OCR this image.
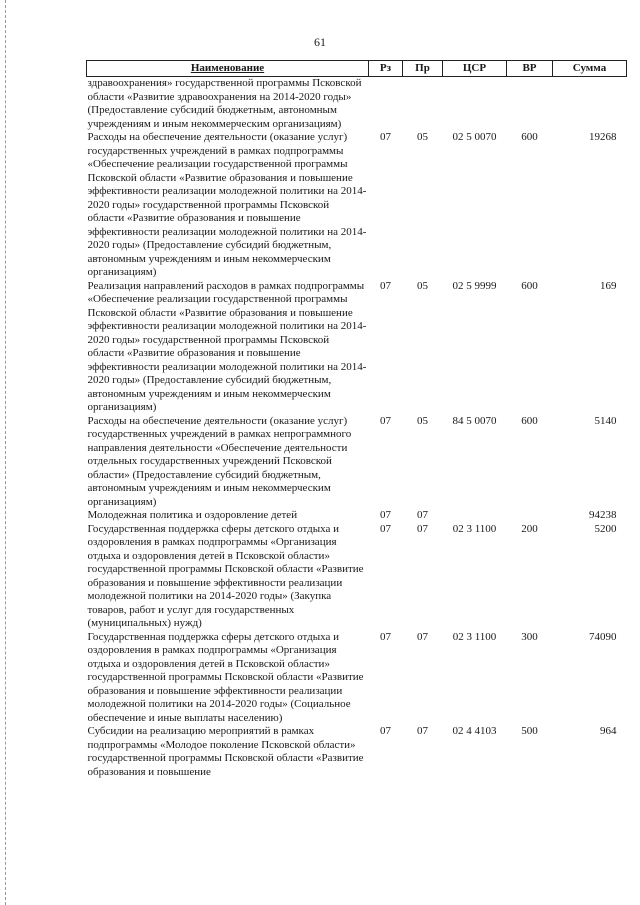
61
Наименование	Рз	Пр	ЦСР	ВР	Сумма
здравоохранения» государственной программы Псковской области «Развитие здравоохранения на 2014-2020 годы» (Предоставление субсидий бюджетным, автономным учреждениям и иным некоммерческим организациям)					
Расходы на обеспечение деятельности (оказание услуг) государственных учреждений в рамках подпрограммы «Обеспечение реализации государственной программы Псковской области «Развитие образования и повышение эффективности реализации молодежной политики на 2014-2020 годы» государственной программы Псковской области «Развитие образования и повышение эффективности реализации молодежной политики на 2014-2020 годы» (Предоставление субсидий бюджетным, автономным учреждениям и иным некоммерческим организациям)	07	05	02 5 0070	600	19268
Реализация направлений расходов в рамках подпрограммы «Обеспечение реализации государственной программы Псковской области «Развитие образования и повышение эффективности реализации молодежной политики на 2014-2020 годы» государственной программы Псковской области «Развитие образования и повышение эффективности реализации молодежной политики на 2014-2020 годы» (Предоставление субсидий бюджетным, автономным учреждениям и иным некоммерческим организациям)	07	05	02 5 9999	600	169
Расходы на обеспечение деятельности (оказание услуг) государственных учреждений в рамках непрограммного направления деятельности «Обеспечение деятельности отдельных государственных учреждений Псковской области» (Предоставление субсидий бюджетным, автономным учреждениям и иным некоммерческим организациям)	07	05	84 5 0070	600	5140
Молодежная политика и оздоровление детей	07	07			94238
Государственная поддержка сферы детского отдыха и оздоровления в рамках подпрограммы «Организация отдыха и оздоровления детей в Псковской области» государственной программы Псковской области «Развитие образования и повышение эффективности реализации молодежной политики на 2014-2020 годы» (Закупка товаров, работ и услуг для государственных (муниципальных) нужд)	07	07	02 3 1100	200	5200
Государственная поддержка сферы детского отдыха и оздоровления в рамках подпрограммы «Организация отдыха и оздоровления детей в Псковской области» государственной программы Псковской области «Развитие образования и повышение эффективности реализации молодежной политики на 2014-2020 годы» (Социальное обеспечение и иные выплаты населению)	07	07	02 3 1100	300	74090
Субсидии на реализацию мероприятий в рамках подпрограммы «Молодое поколение Псковской области» государственной программы Псковской области «Развитие образования и повышение	07	07	02 4 4103	500	964
